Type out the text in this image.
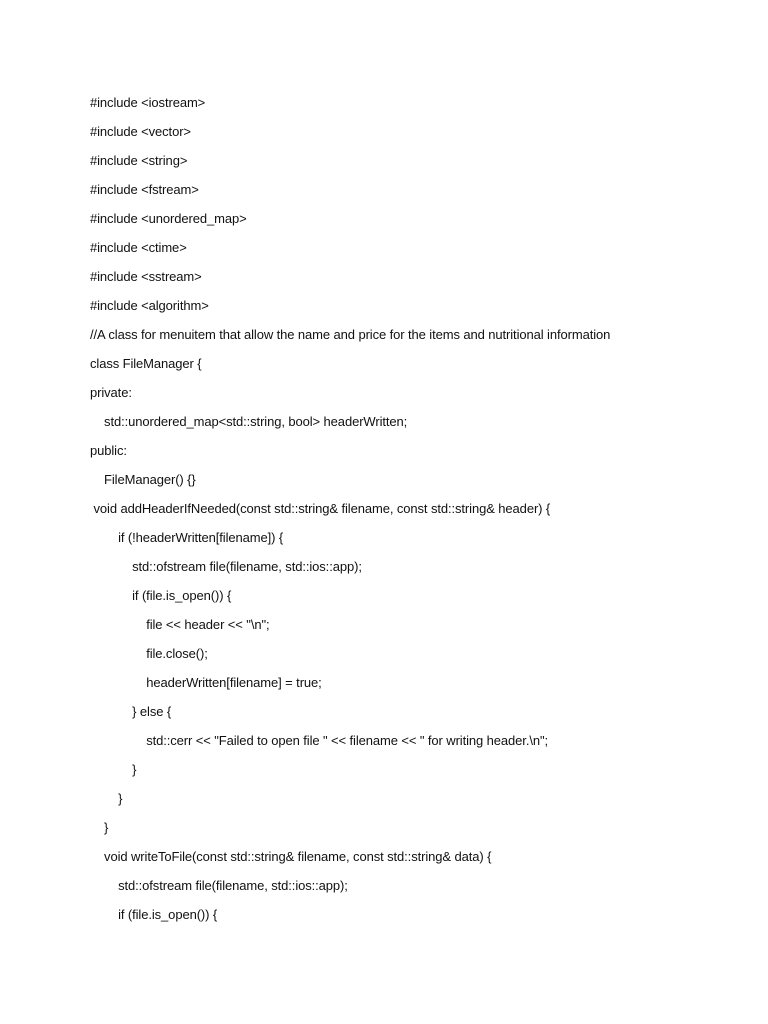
#include <iostream>
#include <vector>
#include <string>
#include <fstream>
#include <unordered_map>
#include <ctime>
#include <sstream>
#include <algorithm>
//A class for menuitem that allow the name and price for the items and nutritional information
class FileManager {
private:
std::unordered_map<std::string, bool> headerWritten;
public:
FileManager() {}
void addHeaderIfNeeded(const std::string& filename, const std::string& header) {
if (!headerWritten[filename]) {
std::ofstream file(filename, std::ios::app);
if (file.is_open()) {
file << header << "\n";
file.close();
headerWritten[filename] = true;
} else {
std::cerr << "Failed to open file " << filename << " for writing header.\n";
}
}
}
void writeToFile(const std::string& filename, const std::string& data) {
std::ofstream file(filename, std::ios::app);
if (file.is_open()) {
